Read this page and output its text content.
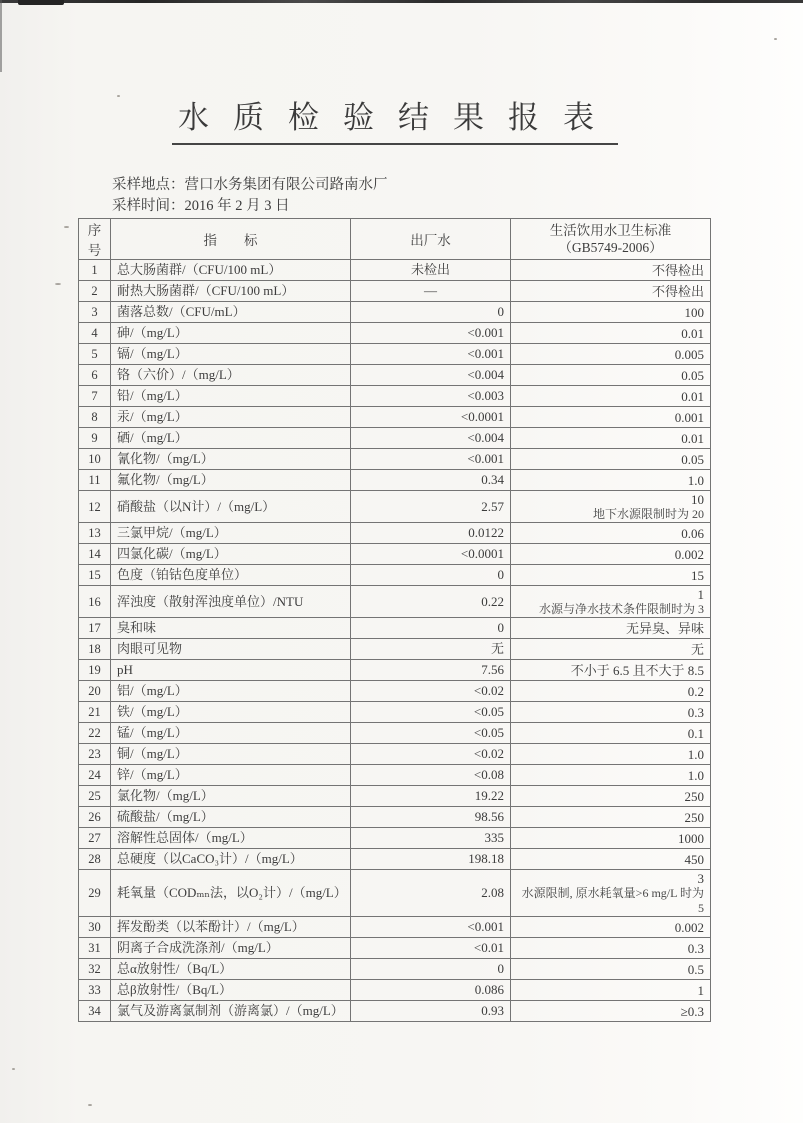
水质检验结果报表
采样地点：营口水务集团有限公司路南水厂
采样时间：2016 年 2 月 3 日
序号	指　　标	出厂水	生活饮用水卫生标准
（GB5749-2006）

1	总大肠菌群/（CFU/100 mL）	未检出	不得检出

2	耐热大肠菌群/（CFU/100 mL）	—	不得检出

3	菌落总数/（CFU/mL）	0	100

4	砷/（mg/L）	<0.001	0.01

5	镉/（mg/L）	<0.001	0.005

6	铬（六价）/（mg/L）	<0.004	0.05

7	铅/（mg/L）	<0.003	0.01

8	汞/（mg/L）	<0.0001	0.001

9	硒/（mg/L）	<0.004	0.01

10	氰化物/（mg/L）	<0.001	0.05

11	氟化物/（mg/L）	0.34	1.0

12	硝酸盐（以N计）/（mg/L）	2.57	10
地下水源限制时为 20

13	三氯甲烷/（mg/L）	0.0122	0.06

14	四氯化碳/（mg/L）	<0.0001	0.002

15	色度（铂钴色度单位）	0	15

16	浑浊度（散射浑浊度单位）/NTU	0.22	1
水源与净水技术条件限制时为 3

17	臭和味	0	无异臭、异味

18	肉眼可见物	无	无

19	pH	7.56	不小于 6.5 且不大于 8.5

20	铝/（mg/L）	<0.02	0.2

21	铁/（mg/L）	<0.05	0.3

22	锰/（mg/L）	<0.05	0.1

23	铜/（mg/L）	<0.02	1.0

24	锌/（mg/L）	<0.08	1.0

25	氯化物/（mg/L）	19.22	250

26	硫酸盐/（mg/L）	98.56	250

27	溶解性总固体/（mg/L）	335	1000

28	总硬度（以CaCO₃计）/（mg/L）	198.18	450

29	耗氧量（CODₘₙ法，以O₂计）/（mg/L）	2.08	3
水源限制, 原水耗氧量>6 mg/L 时为 5

30	挥发酚类（以苯酚计）/（mg/L）	<0.001	0.002

31	阴离子合成洗涤剂/（mg/L）	<0.01	0.3

32	总α放射性/（Bq/L）	0	0.5

33	总β放射性/（Bq/L）	0.086	1

34	氯气及游离氯制剂（游离氯）/（mg/L）	0.93	≥0.3
